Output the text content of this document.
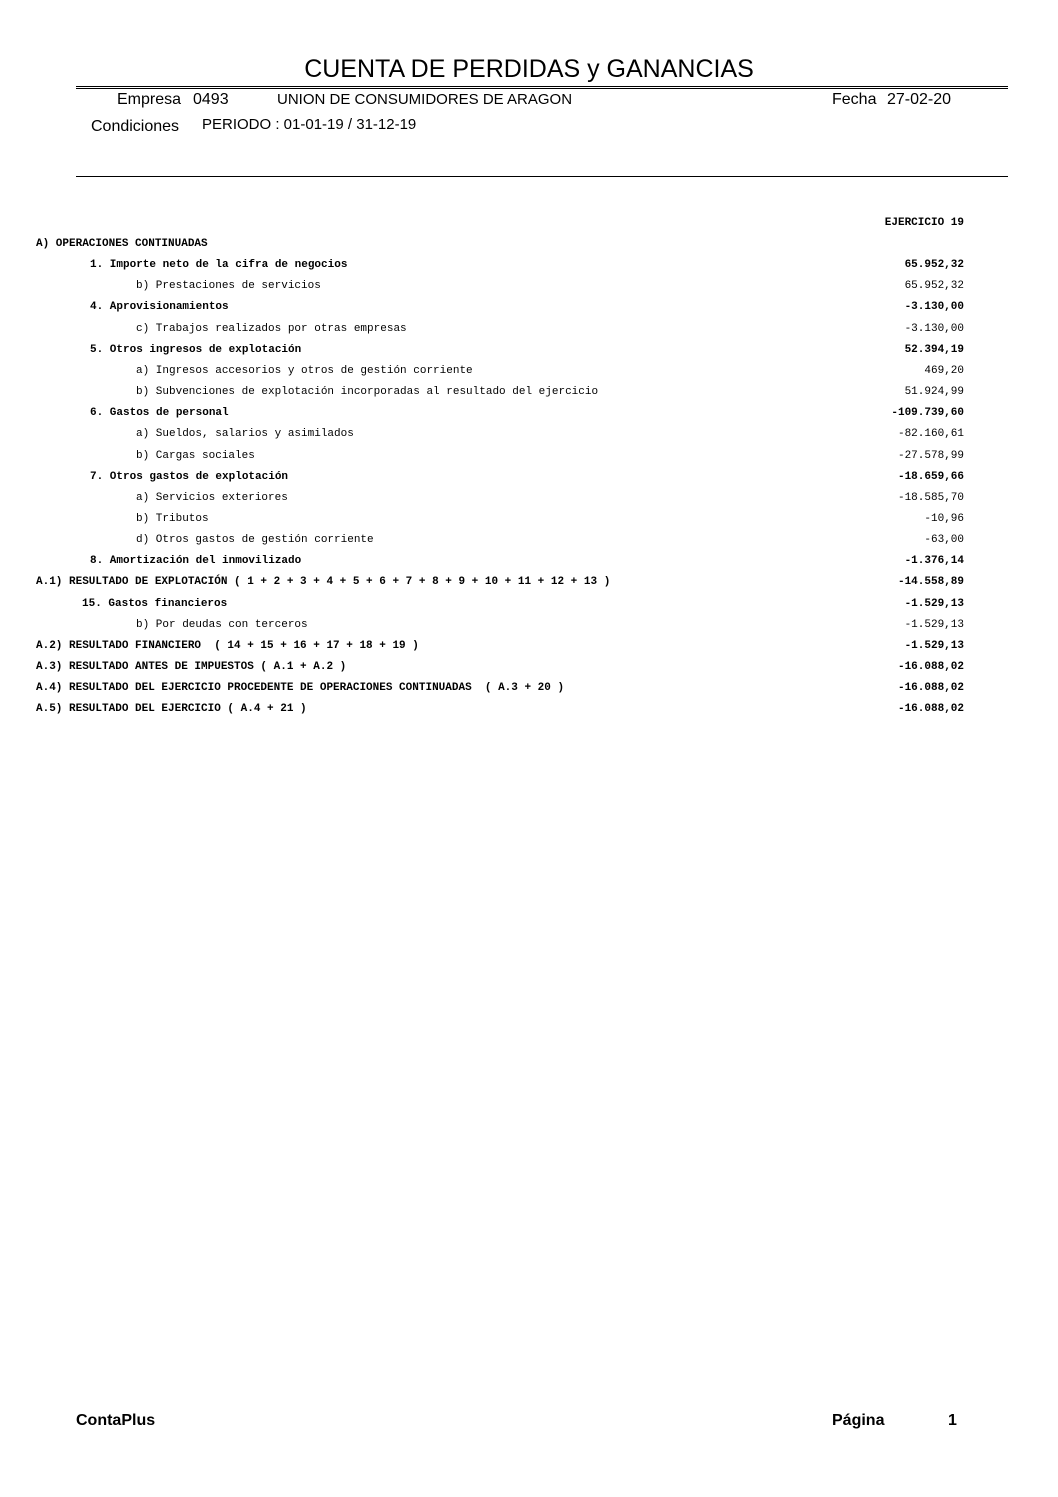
CUENTA DE PERDIDAS y GANANCIAS
Empresa 0493	UNION DE CONSUMIDORES DE ARAGON	Fecha 27-02-20
Condiciones PERIODO : 01-01-19 / 31-12-19
EJERCICIO 19
A) OPERACIONES CONTINUADAS
1. Importe neto de la cifra de negocios	65.952,32
b) Prestaciones de servicios	65.952,32
4. Aprovisionamientos	-3.130,00
c) Trabajos realizados por otras empresas	-3.130,00
5. Otros ingresos de explotación	52.394,19
a) Ingresos accesorios y otros de gestión corriente	469,20
b) Subvenciones de explotación incorporadas al resultado del ejercicio	51.924,99
6. Gastos de personal	-109.739,60
a) Sueldos, salarios y asimilados	-82.160,61
b) Cargas sociales	-27.578,99
7. Otros gastos de explotación	-18.659,66
a) Servicios exteriores	-18.585,70
b) Tributos	-10,96
d) Otros gastos de gestión corriente	-63,00
8. Amortización del inmovilizado	-1.376,14
A.1) RESULTADO DE EXPLOTACIÓN ( 1 + 2 + 3 + 4 + 5 + 6 + 7 + 8 + 9 + 10 + 11 + 12 + 13 )	-14.558,89
15. Gastos financieros	-1.529,13
b) Por deudas con terceros	-1.529,13
A.2) RESULTADO FINANCIERO  ( 14 + 15 + 16 + 17 + 18 + 19 )	-1.529,13
A.3) RESULTADO ANTES DE IMPUESTOS ( A.1 + A.2 )	-16.088,02
A.4) RESULTADO DEL EJERCICIO PROCEDENTE DE OPERACIONES CONTINUADAS  ( A.3 + 20 )	-16.088,02
A.5) RESULTADO DEL EJERCICIO ( A.4 + 21 )	-16.088,02
ContaPlus	Página	1
